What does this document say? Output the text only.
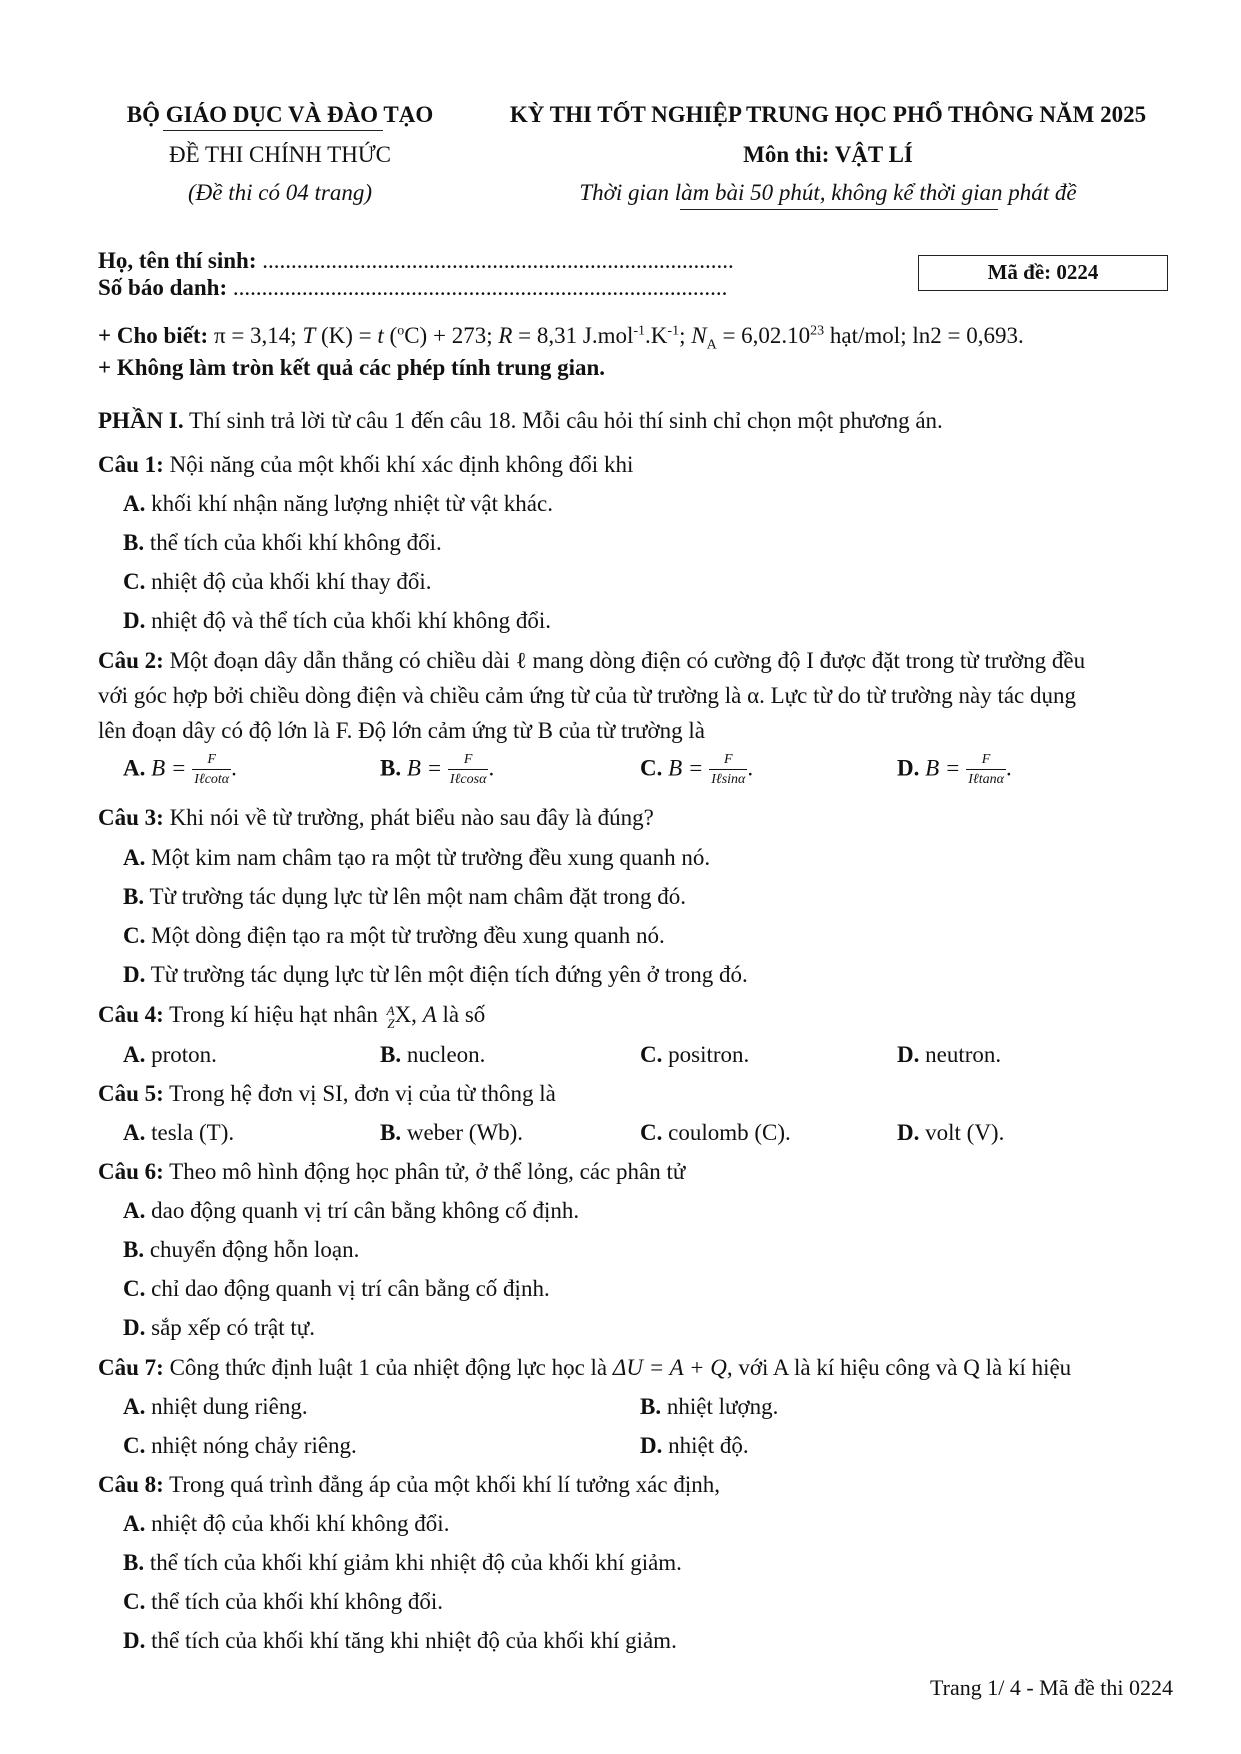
BỘ GIÁO DỤC VÀ ĐÀO TẠO
ĐỀ THI CHÍNH THỨC
(Đề thi có 04 trang)
KỲ THI TỐT NGHIỆP TRUNG HỌC PHỔ THÔNG NĂM 2025
Môn thi: VẬT LÍ
Thời gian làm bài 50 phút, không kể thời gian phát đề
Họ, tên thí sinh: ..................................................................................
Số báo danh: ......................................................................................
Mã đề: 0224
+ Cho biết: π = 3,14; T (K) = t ($^o$C) + 273; R = 8,31 $J.mol^{-1}.K^{-1}$; $N_A = 6,02.10^{23}$ hạt/mol; ln2 = 0,693.
+ Không làm tròn kết quả các phép tính trung gian.
PHẦN I. Thí sinh trả lời từ câu 1 đến câu 18. Mỗi câu hỏi thí sinh chỉ chọn một phương án.
Câu 1: Nội năng của một khối khí xác định không đổi khi
A. khối khí nhận năng lượng nhiệt từ vật khác.
B. thể tích của khối khí không đổi.
C. nhiệt độ của khối khí thay đổi.
D. nhiệt độ và thể tích của khối khí không đổi.
Câu 2: Một đoạn dây dẫn thẳng có chiều dài ℓ mang dòng điện có cường độ I được đặt trong từ trường đều
với góc hợp bởi chiều dòng điện và chiều cảm ứng từ của từ trường là α. Lực từ do từ trường này tác dụng
lên đoạn dây có độ lớn là F. Độ lớn cảm ứng từ B của từ trường là
A. $B = \frac{F}{\text{Iℓcotα}}$ .	B. $B = \frac{F}{\text{Iℓcosα}}$ .	C. $B = \frac{F}{\text{Iℓsinα}}$ .	D. $B = \frac{F}{\text{Iℓtanα}}$ .
Câu 3: Khi nói về từ trường, phát biểu nào sau đây là đúng?
A. Một kim nam châm tạo ra một từ trường đều xung quanh nó.
B. Từ trường tác dụng lực từ lên một nam châm đặt trong đó.
C. Một dòng điện tạo ra một từ trường đều xung quanh nó.
D. Từ trường tác dụng lực từ lên một điện tích đứng yên ở trong đó.
Câu 4: Trong kí hiệu hạt nhân A
Z X, A là số
A. proton.	B. nucleon.	C. positron.	D. neutron.
Câu 5: Trong hệ đơn vị SI, đơn vị của từ thông là
A. tesla (T).	B. weber (Wb).	C. coulomb (C).	D. volt (V).
Câu 6: Theo mô hình động học phân tử, ở thể lỏng, các phân tử
A. dao động quanh vị trí cân bằng không cố định.
B. chuyển động hỗn loạn.
C. chỉ dao động quanh vị trí cân bằng cố định.
D. sắp xếp có trật tự.
Câu 7: Công thức định luật 1 của nhiệt động lực học là ΔU = A + Q, với A là kí hiệu công và Q là kí hiệu
A. nhiệt dung riêng.	B. nhiệt lượng.
C. nhiệt nóng chảy riêng.	D. nhiệt độ.
Câu 8: Trong quá trình đẳng áp của một khối khí lí tưởng xác định,
A. nhiệt độ của khối khí không đổi.
B. thể tích của khối khí giảm khi nhiệt độ của khối khí giảm.
C. thể tích của khối khí không đổi.
D. thể tích của khối khí tăng khi nhiệt độ của khối khí giảm.
Trang 1/ 4 - Mã đề thi 0224
